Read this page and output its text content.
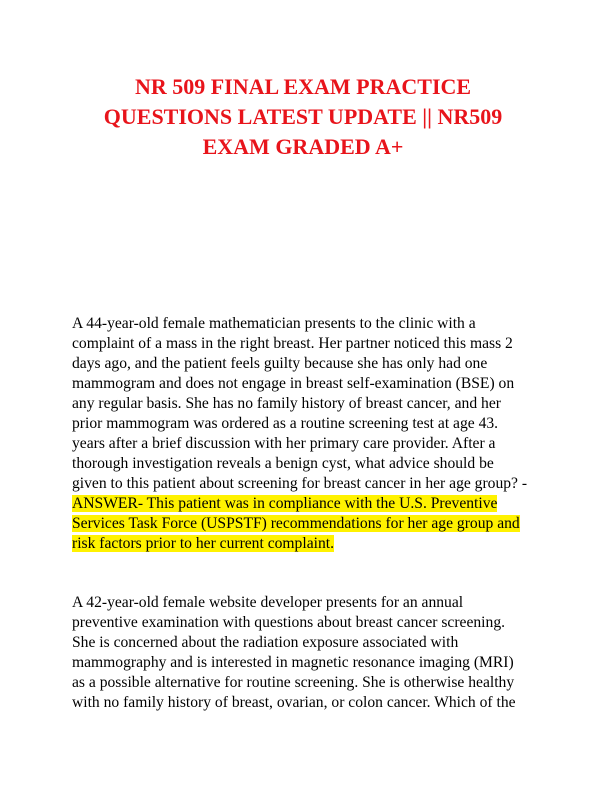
NR 509 FINAL EXAM PRACTICE
QUESTIONS LATEST UPDATE || NR509
EXAM GRADED A+
A 44-year-old female mathematician presents to the clinic with a
complaint of a mass in the right breast. Her partner noticed this mass 2
days ago, and the patient feels guilty because she has only had one
mammogram and does not engage in breast self-examination (BSE) on
any regular basis. She has no family history of breast cancer, and her
prior mammogram was ordered as a routine screening test at age 43.
years after a brief discussion with her primary care provider. After a
thorough investigation reveals a benign cyst, what advice should be
given to this patient about screening for breast cancer in her age group? -
ANSWER- This patient was in compliance with the U.S. Preventive
Services Task Force (USPSTF) recommendations for her age group and
risk factors prior to her current complaint.
A 42-year-old female website developer presents for an annual
preventive examination with questions about breast cancer screening.
She is concerned about the radiation exposure associated with
mammography and is interested in magnetic resonance imaging (MRI)
as a possible alternative for routine screening. She is otherwise healthy
with no family history of breast, ovarian, or colon cancer. Which of the
